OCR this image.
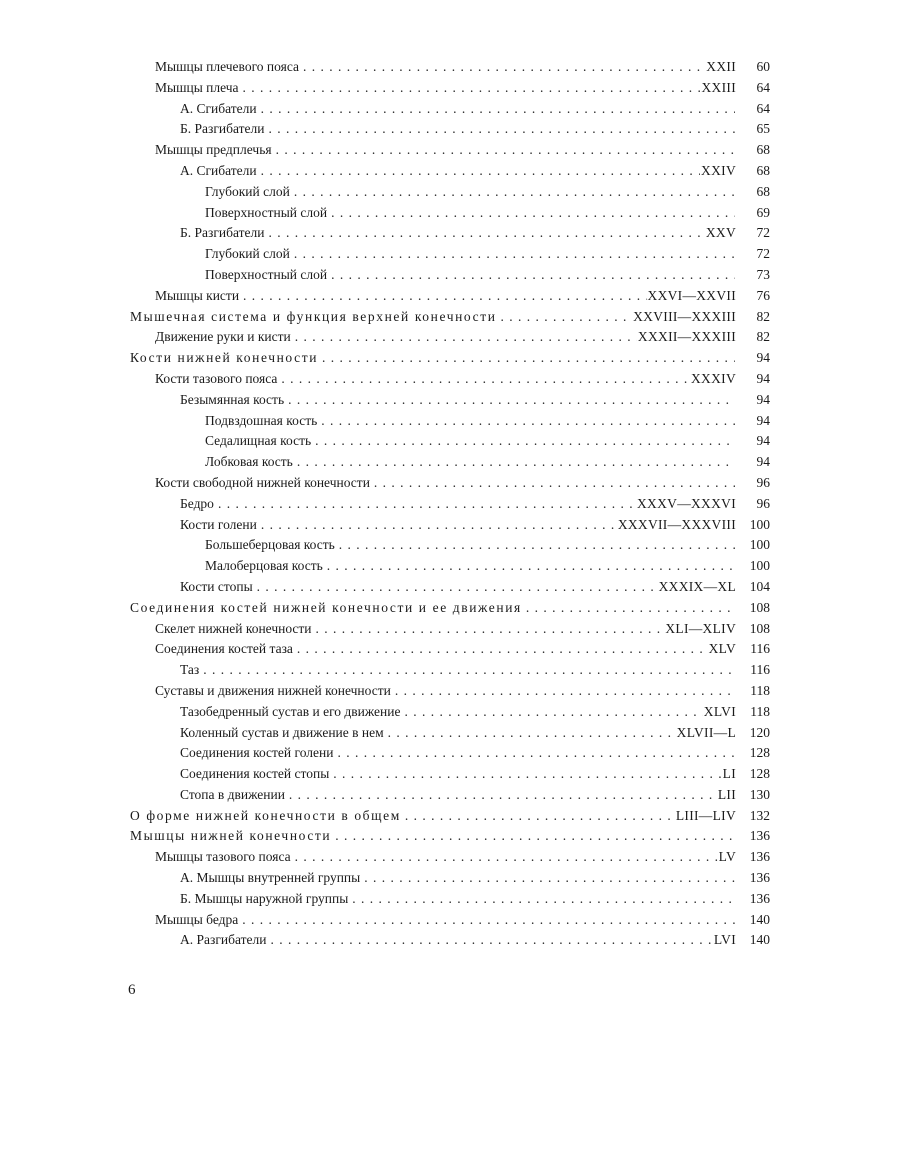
Мышцы плечевого пояса . . .	XXII	60
Мышцы плеча . . .	XXIII	64
А. Сгибатели . . .	64
Б. Разгибатели . . .	65
Мышцы предплечья . . .	68
А. Сгибатели . . .	XXIV	68
Глубокий слой . . .	68
Поверхностный слой . . .	69
Б. Разгибатели . . .	XXV	72
Глубокий слой . . .	72
Поверхностный слой . . .	73
Мышцы кисти . . .	XXVI—XXVII	76
Мышечная система и функция верхней конечности . . .	XXVIII—XXXIII	82
Движение руки и кисти . . .	XXXII—XXXIII	82
Кости нижней конечности . . .	94
Кости тазового пояса . . .	XXXIV	94
Безымянная кость . . .	94
Подвздошная кость . . .	94
Седалищная кость . . .	94
Лобковая кость . . .	94
Кости свободной нижней конечности . . .	96
Бедро . . .	XXXV—XXXVI	96
Кости голени . . .	XXXVII—XXXVIII	100
Большеберцовая кость . . .	100
Малоберцовая кость . . .	100
Кости стопы . . .	XXXIX—XL	104
Соединения костей нижней конечности и ее движения . . .	108
Скелет нижней конечности . . .	XLI—XLIV	108
Соединения костей таза . . .	XLV	116
Таз . . .	116
Суставы и движения нижней конечности . . .	118
Тазобедренный сустав и его движение . . .	XLVI	118
Коленный сустав и движение в нем . . .	XLVII—L	120
Соединения костей голени . . .	128
Соединения костей стопы . . .	LI	128
Стопа в движении . . .	LII	130
О форме нижней конечности в общем . . .	LIII—LIV	132
Мышцы нижней конечности . . .	136
Мышцы тазового пояса . . .	LV	136
А. Мышцы внутренней группы . . .	136
Б. Мышцы наружной группы . . .	136
Мышцы бедра . . .	140
А. Разгибатели . . .	LVI	140
6
